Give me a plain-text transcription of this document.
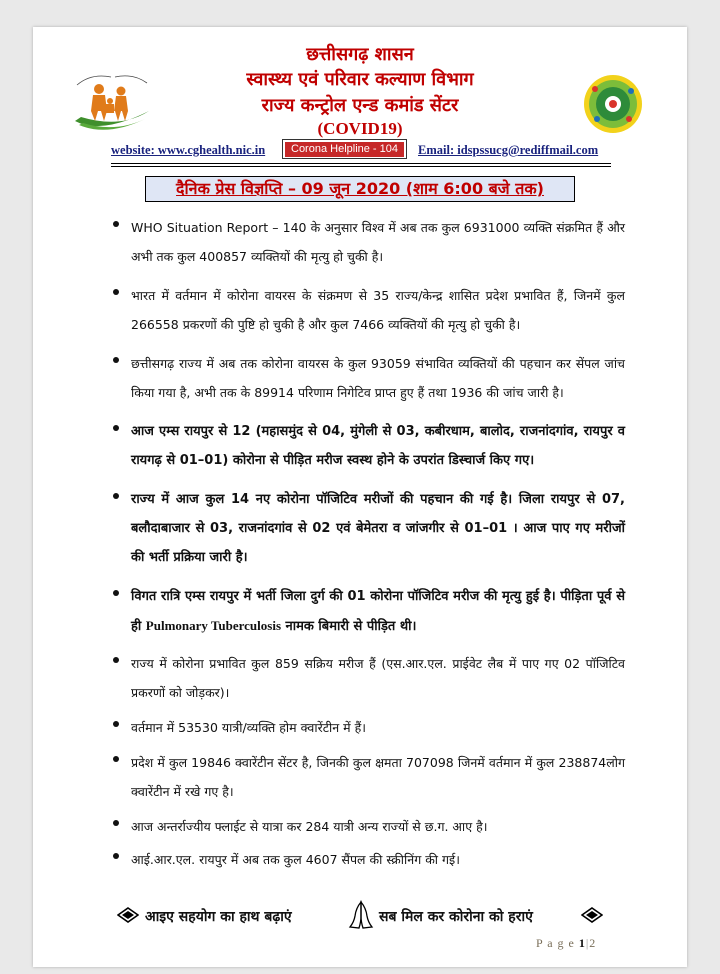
छत्तीसगढ़ शासन
स्वास्थ्य एवं परिवार कल्याण विभाग
राज्य कन्ट्रोल एन्ड कमांड सेंटर
(COVID19)
website: www.cghealth.nic.in	Corona Helpline - 104	Email: idspssucg@rediffmail.com
दैनिक प्रेस विज्ञप्ति – 09 जून 2020 (शाम 6:00 बजे तक)
WHO Situation Report – 140 के अनुसार विश्व में अब तक कुल 6931000 व्यक्ति संक्रमित हैं और अभी तक कुल 400857 व्यक्तियों की मृत्यु हो चुकी है।
भारत में वर्तमान में कोरोना वायरस के संक्रमण से 35 राज्य/केन्द्र शासित प्रदेश प्रभावित हैं, जिनमें कुल 266558 प्रकरणों की पुष्टि हो चुकी है और कुल 7466 व्यक्तियों की मृत्यु हो चुकी है।
छत्तीसगढ़ राज्य में अब तक कोरोना वायरस के कुल 93059 संभावित व्यक्तियों की पहचान कर सेंपल जांच किया गया है, अभी तक के 89914 परिणाम निगेटिव प्राप्त हुए हैं तथा 1936 की जांच जारी है।
आज एम्स रायपुर से 12 (महासमुंद से 04, मुंगेली से 03, कबीरधाम, बालोद, राजनांदगांव, रायपुर व रायगढ़ से 01–01) कोरोना से पीड़ित मरीज स्वस्थ होने के उपरांत डिस्चार्ज किए गए।
राज्य में आज कुल 14 नए कोरोना पॉजिटिव मरीजों की पहचान की गई है। जिला रायपुर से 07, बलौदाबाजार से 03, राजनांदगांव से 02 एवं बेमेतरा व जांजगीर से 01–01 । आज पाए गए मरीजों की भर्ती प्रक्रिया जारी है।
विगत रात्रि एम्स रायपुर में भर्ती जिला दुर्ग की 01 कोरोना पॉजिटिव मरीज की मृत्यु हुई है। पीड़िता पूर्व से ही Pulmonary Tuberculosis नामक बिमारी से पीड़ित थी।
राज्य में कोरोना प्रभावित कुल 859 सक्रिय मरीज हैं (एस.आर.एल. प्राईवेट लैब में पाए गए 02 पॉजिटिव प्रकरणों को जोड़कर)।
वर्तमान में 53530 यात्री/व्यक्ति होम क्वारेंटीन में हैं।
प्रदेश में कुल 19846 क्वारेंटीन सेंटर है, जिनकी कुल क्षमता 707098 जिनमें वर्तमान में कुल 238874लोग क्वारेंटीन में रखे गए है।
आज अन्तर्राज्यीय फ्लाईट से यात्रा कर 284 यात्री अन्य राज्यों से छ.ग. आए है।
आई.आर.एल. रायपुर में अब तक कुल 4607 सैंपल की स्क्रीनिंग की गई।
आइए सहयोग का हाथ बढ़ाएं	सब मिल कर कोरोना को हराएं
P a g e 1|2
